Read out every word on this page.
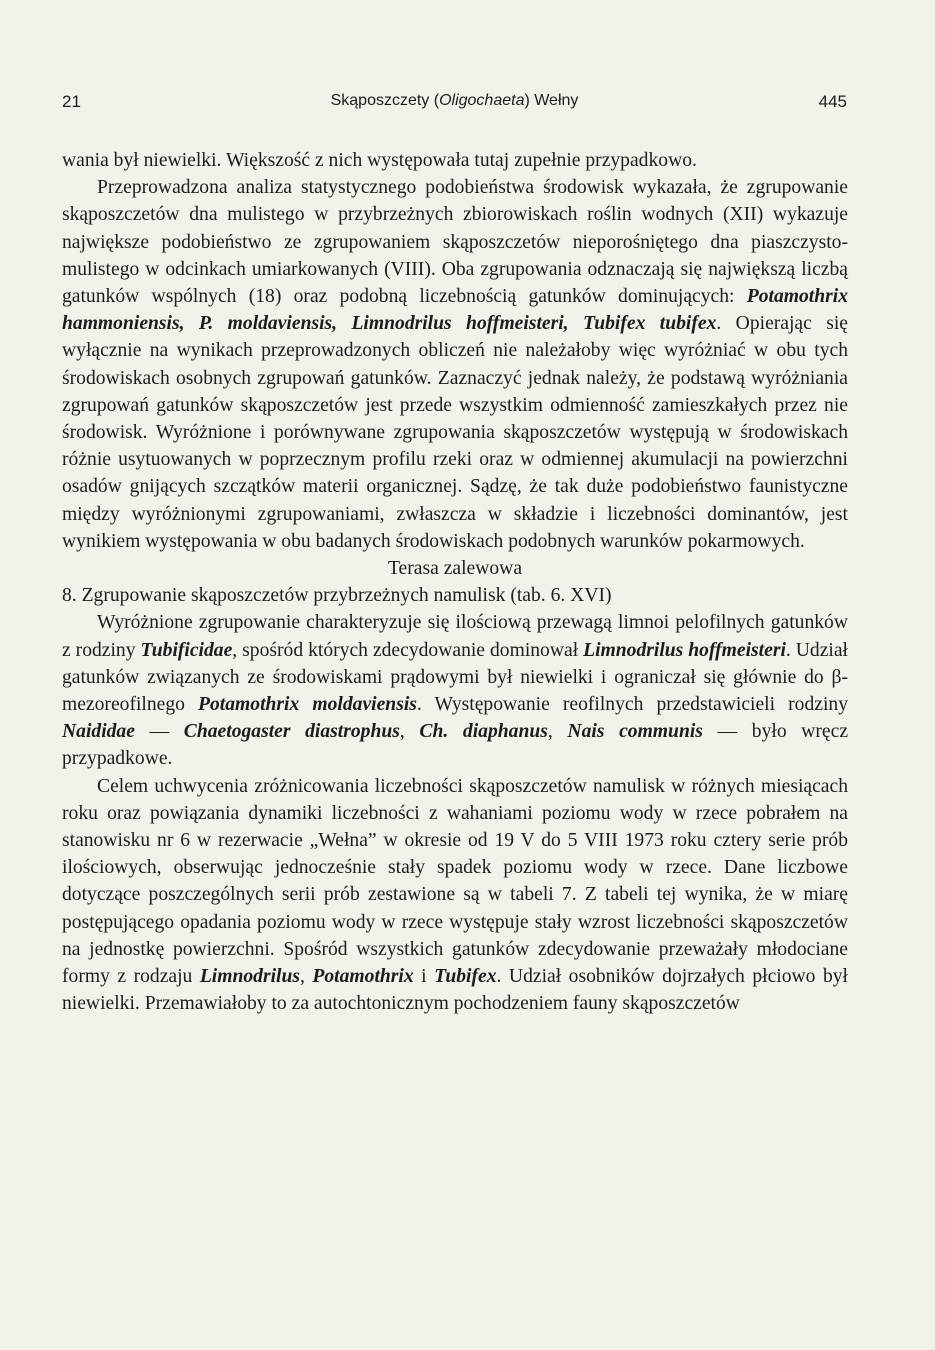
21	Skąposzczety (Oligochaeta) Wełny	445

wania był niewielki. Większość z nich występowała tutaj zupełnie przypadkowo.

Przeprowadzona analiza statystycznego podobieństwa środowisk wykazała, że zgrupowanie skąposzczetów dna mulistego w przybrzeżnych zbiorowiskach roślin wodnych (XII) wykazuje największe podobieństwo ze zgrupowaniem skąposzczetów nieporośniętego dna piaszczysto-mulistego w odcinkach umiarkowanych (VIII). Oba zgrupowania odznaczają się największą liczbą gatunków wspólnych (18) oraz podobną liczebnością gatunków dominujących: Potamothrix hammoniensis, P. moldaviensis, Limnodrilus hoffmeisteri, Tubifex tubifex. Opierając się wyłącznie na wynikach przeprowadzonych obliczeń nie należałoby więc wyróżniać w obu tych środowiskach osobnych zgrupowań gatunków. Zaznaczyć jednak należy, że podstawą wyróżniania zgrupowań gatunków skąposzczetów jest przede wszystkim odmienność zamieszkałych przez nie środowisk. Wyróżnione i porównywane zgrupowania skąposzczetów występują w środowiskach różnie usytuowanych w poprzecznym profilu rzeki oraz w odmiennej akumulacji na powierzchni osadów gnijących szczątków materii organicznej. Sądzę, że tak duże podobieństwo faunistyczne między wyróżnionymi zgrupowaniami, zwłaszcza w składzie i liczebności dominantów, jest wynikiem występowania w obu badanych środowiskach podobnych warunków pokarmowych.

Terasa zalewowa

8. Zgrupowanie skąposzczetów przybrzeżnych namulisk (tab. 6. XVI)

Wyróżnione zgrupowanie charakteryzuje się ilościową przewagą limnoi pelofilnych gatunków z rodziny Tubificidae, spośród których zdecydowanie dominował Limnodrilus hoffmeisteri. Udział gatunków związanych ze środowiskami prądowymi był niewielki i ograniczał się głównie do β-mezoreofilnego Potamothrix moldaviensis. Występowanie reofilnych przedstawicieli rodziny Naididae — Chaetogaster diastrophus, Ch. diaphanus, Nais communis — było wręcz przypadkowe.

Celem uchwycenia zróżnicowania liczebności skąposzczetów namulisk w różnych miesiącach roku oraz powiązania dynamiki liczebności z wahaniami poziomu wody w rzece pobrałem na stanowisku nr 6 w rezerwacie „Wełna” w okresie od 19 V do 5 VIII 1973 roku cztery serie prób ilościowych, obserwując jednocześnie stały spadek poziomu wody w rzece. Dane liczbowe dotyczące poszczególnych serii prób zestawione są w tabeli 7. Z tabeli tej wynika, że w miarę postępującego opadania poziomu wody w rzece występuje stały wzrost liczebności skąposzczetów na jednostkę powierzchni. Spośród wszystkich gatunków zdecydowanie przeważały młodociane formy z rodzaju Limnodrilus, Potamothrix i Tubifex. Udział osobników dojrzałych płciowo był niewielki. Przemawiałoby to za autochtonicznym pochodzeniem fauny skąposzczetów
